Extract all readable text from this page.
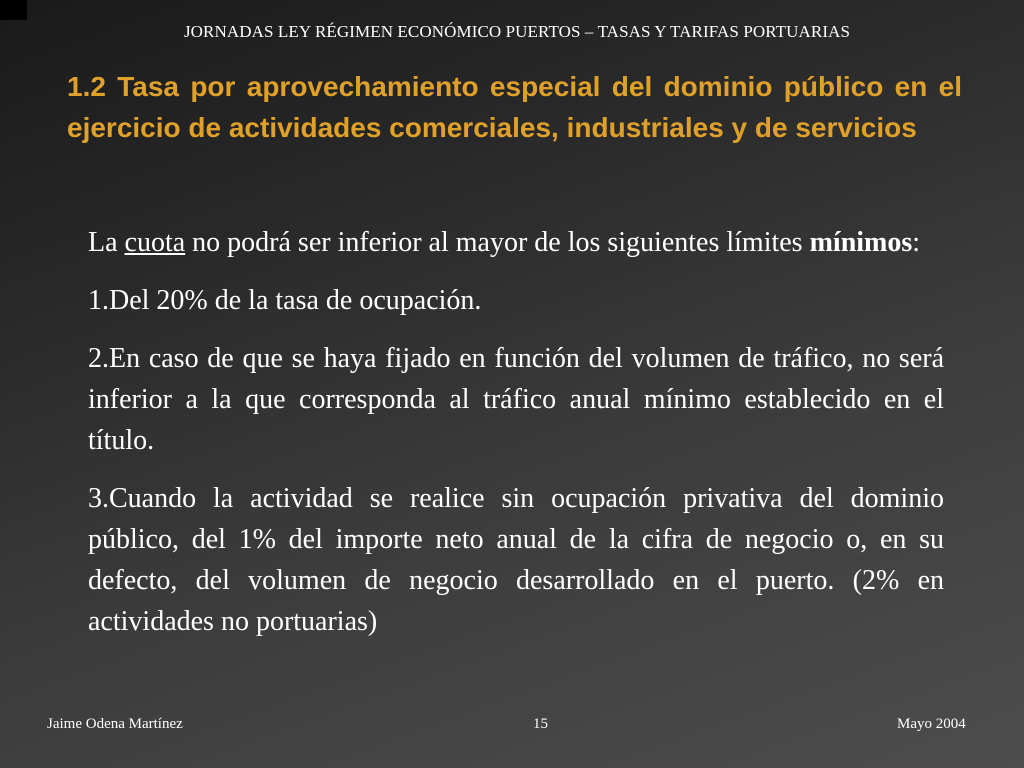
JORNADAS LEY RÉGIMEN ECONÓMICO PUERTOS – TASAS Y TARIFAS PORTUARIAS
1.2 Tasa por aprovechamiento especial del dominio público en el ejercicio de actividades comerciales, industriales y de servicios

La cuota no podrá ser inferior al mayor de los siguientes límites mínimos:

1.Del 20% de la tasa de ocupación.

2.En caso de que se haya fijado en función del volumen de tráfico, no será inferior a la que corresponda al tráfico anual mínimo establecido en el título.

3.Cuando la actividad se realice sin ocupación privativa del dominio público, del 1% del importe neto anual de la cifra de negocio o, en su defecto, del volumen de negocio desarrollado en el puerto. (2% en actividades no portuarias)

Jaime Odena Martínez	15	Mayo 2004
